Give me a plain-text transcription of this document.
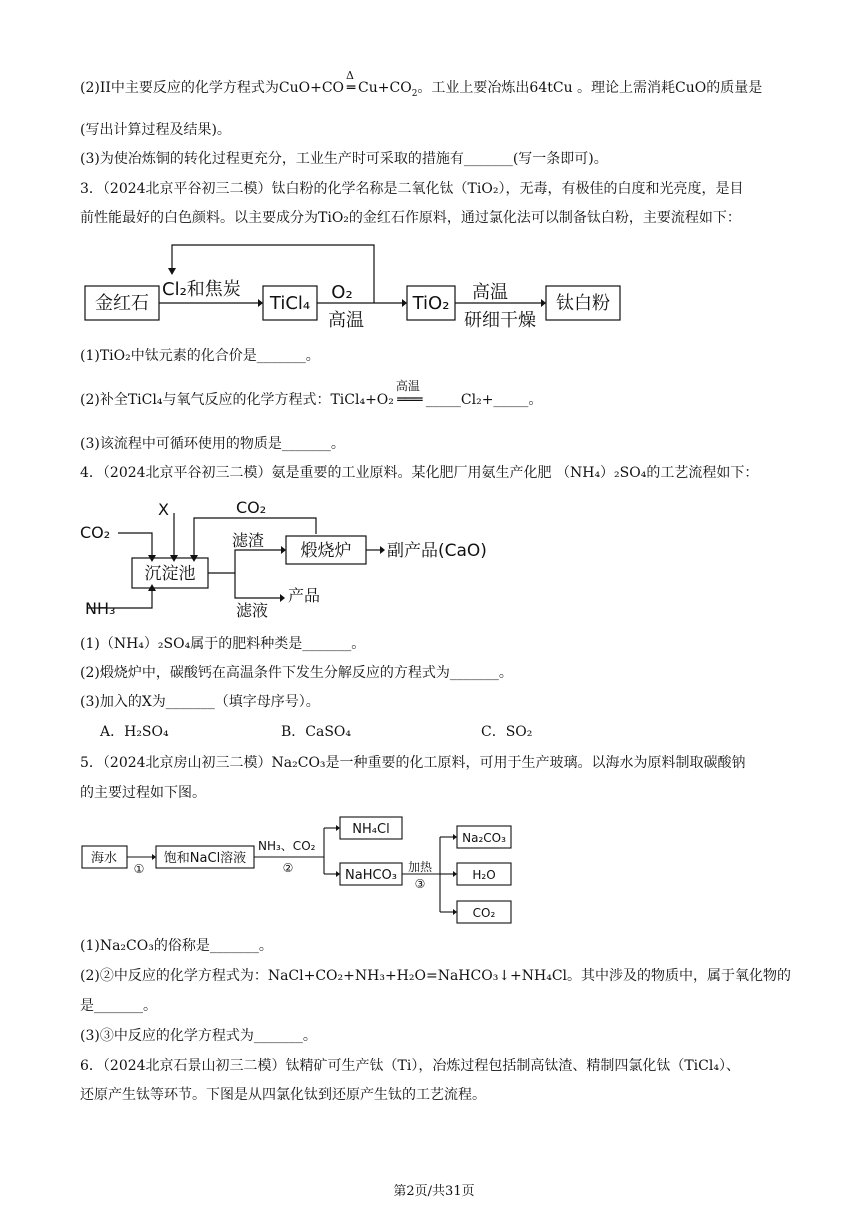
(2)II中主要反应的化学方程式为CuO+CO
Δ
═ $Cu+CO_2$。工业上要冶炼出64tCu 。理论上需消耗CuO的质量是
(写出计算过程及结果)。
(3)为使冶炼铜的转化过程更充分，工业生产时可采取的措施有_______(写一条即可)。
3．（2024北京平谷初三二模）钛白粉的化学名称是二氧化钛（TiO₂），无毒，有极佳的白度和光亮度，是目
前性能最好的白色颜料。以主要成分为TiO₂的金红石作原料，通过氯化法可以制备钛白粉，主要流程如下：
金红石
Cl₂和焦炭
TiCl₄
O₂
高温
TiO₂
高温
研细干燥
钛白粉
(1)TiO₂中钛元素的化合价是_______。
(2)补全TiCl₄与氧气反应的化学方程式：TiCl₄+O₂
高温
═══ _____Cl₂+_____。
(3)该流程中可循环使用的物质是_______。
4．（2024北京平谷初三二模）氨是重要的工业原料。某化肥厂用氨生产化肥 （NH₄）₂SO₄的工艺流程如下：
CO₂
X
NH₃
CO₂
沉淀池
滤渣
煅烧炉 副产品(CaO)
滤液
产品
(1)（NH₄）₂SO₄属于的肥料种类是_______。
(2)煅烧炉中，碳酸钙在高温条件下发生分解反应的方程式为_______。
(3)加入的X为_______（填字母序号）。
A．H₂SO₄	B．CaSO₄	C．SO₂
5．（2024北京房山初三二模）Na₂CO₃是一种重要的化工原料，可用于生产玻璃。以海水为原料制取碳酸钠
的主要过程如下图。
海水
①
饱和NaCl溶液
NH₃、CO₂
②
NH₄Cl
NaHCO₃
加热
③
Na₂CO₃
H₂O
CO₂
(1)Na₂CO₃的俗称是_______。
(2)②中反应的化学方程式为：NaCl+CO₂+NH₃+H₂O=NaHCO₃↓+NH₄Cl。其中涉及的物质中，属于氧化物的
是_______。
(3)③中反应的化学方程式为_______。
6．（2024北京石景山初三二模）钛精矿可生产钛（Ti），冶炼过程包括制高钛渣、精制四氯化钛（TiCl₄）、
还原产生钛等环节。下图是从四氯化钛到还原产生钛的工艺流程。
第2页/共31页
